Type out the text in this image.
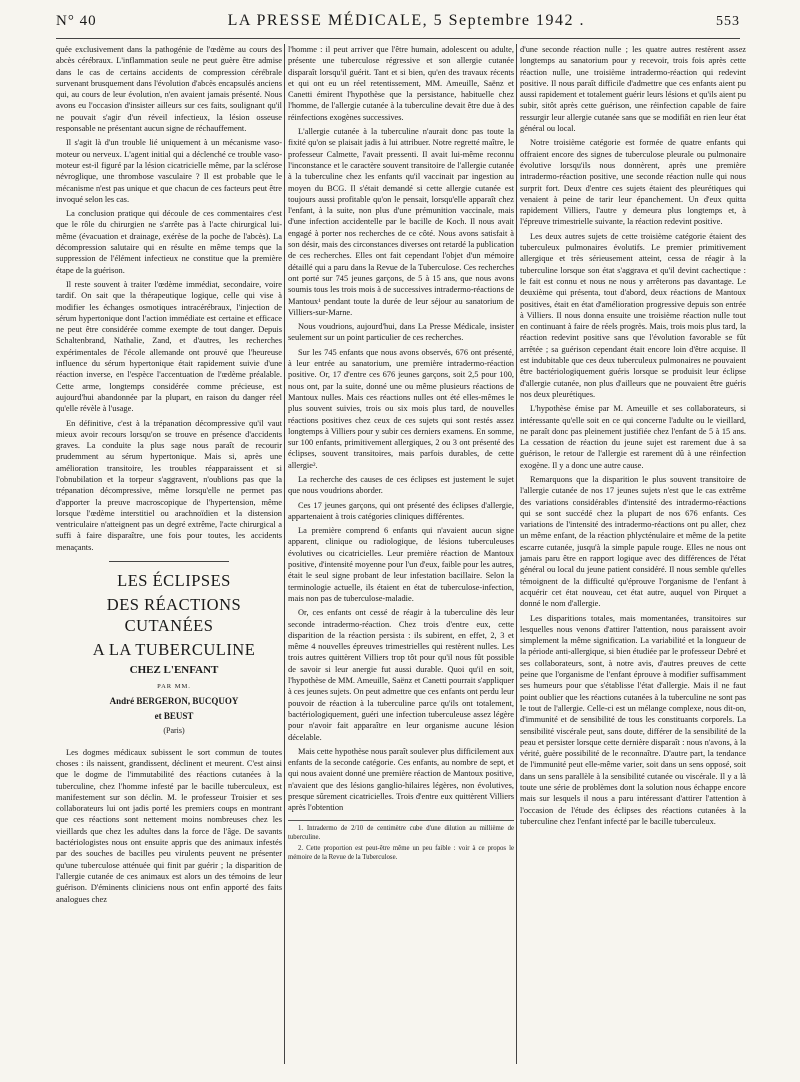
N° 40	LA PRESSE MÉDICALE, 5 Septembre 1942 .	553

quée exclusivement dans la pathogénie de l'œdème au cours des abcès cérébraux. L'inflammation seule ne peut guère être admise dans le cas de certains accidents de compression cérébrale survenant brusquement dans l'évolution d'abcès encapsulés anciens qui, au cours de leur évolution, n'en avaient jamais présenté. Nous avons eu l'occasion d'insister ailleurs sur ces faits, soulignant qu'il ne pouvait s'agir d'un réveil infectieux, la lésion osseuse responsable ne présentant aucun signe de réchauffement.

Il s'agit là d'un trouble lié uniquement à un mécanisme vaso-moteur ou nerveux. L'agent initial qui a déclenché ce trouble vaso-moteur est-il figuré par la lésion cicatricielle même, par la sclérose névroglique, une thrombose vasculaire ? Il est probable que le mécanisme n'est pas unique et que chacun de ces facteurs peut être invoqué selon les cas.

La conclusion pratique qui découle de ces commentaires c'est que le rôle du chirurgien ne s'arrête pas à l'acte chirurgical lui-même (évacuation et drainage, exérèse de la poche de l'abcès). La décompression salutaire qui en résulte en même temps que la suppression de l'élément infectieux ne constitue que la première étape de la guérison.

Il reste souvent à traiter l'œdème immédiat, secondaire, voire tardif. On sait que la thérapeutique logique, celle qui vise à modifier les échanges osmotiques intracérébraux, l'injection de sérum hypertonique dont l'action immédiate est certaine et efficace ne peut être considérée comme exempte de tout danger. Depuis Schaltenbrand, Nathalie, Zand, et d'autres, les recherches expérimentales de l'école allemande ont prouvé que l'heureuse influence du sérum hypertonique était rapidement suivie d'une réaction inverse, en l'espèce l'accentuation de l'œdème préalable. Cette arme, longtemps considérée comme précieuse, est aujourd'hui abandonnée par la plupart, en raison du danger réel qu'elle révèle à l'usage.

En définitive, c'est à la trépanation décompressive qu'il vaut mieux avoir recours lorsqu'on se trouve en présence d'accidents graves. La conduite la plus sage nous paraît de recourir prudemment au sérum hypertonique. Mais si, après une amélioration transitoire, les troubles réapparaissent et si l'obnubilation et la torpeur s'aggravent, n'oublions pas que la trépanation décompressive, même lorsqu'elle ne permet pas d'apporter la preuve macroscopique de l'hypertension, même lorsque l'œdème interstitiel ou arachnoïdien et la distension ventriculaire n'atteignent pas un degré extrême, l'acte chirurgical a suffi à faire disparaître, une fois pour toutes, les accidents menaçants.

LES ÉCLIPSES

DES RÉACTIONS CUTANÉES

A LA TUBERCULINE

CHEZ L'ENFANT

PAR MM.

André BERGERON, BUCQUOY

et BEUST

(Paris)

Les dogmes médicaux subissent le sort commun de toutes choses : ils naissent, grandissent, déclinent et meurent. C'est ainsi que le dogme de l'immutabilité des réactions cutanées à la tuberculine, chez l'homme infesté par le bacille tuberculeux, est manifestement sur son déclin. M. le professeur Troisier et ses collaborateurs lui ont jadis porté les premiers coups en montrant que ces réactions sont nettement moins nombreuses chez les vieillards que chez les adultes dans la force de l'âge. De savants bactériologistes nous ont ensuite appris que des animaux infestés par des souches de bacilles peu virulents peuvent ne présenter qu'une tuberculose atténuée qui finit par guérir ; la disparition de l'allergie cutanée de ces animaux est alors un des témoins de leur guérison. D'éminents cliniciens nous ont enfin apporté des faits analogues chez

l'homme : il peut arriver que l'être humain, adolescent ou adulte, présente une tuberculose régressive et son allergie cutanée disparaît lorsqu'il guérit. Tant et si bien, qu'en des travaux récents et qui ont eu un réel retentissement, MM. Ameuille, Saënz et Canetti émirent l'hypothèse que la persistance, habituelle chez l'homme, de l'allergie cutanée à la tuberculine devait être due à des réinfections exogènes successives.

L'allergie cutanée à la tuberculine n'aurait donc pas toute la fixité qu'on se plaisait jadis à lui attribuer. Notre regretté maître, le professeur Calmette, l'avait pressenti. Il avait lui-même reconnu l'inconstance et le caractère souvent transitoire de l'allergie cutanée à la tuberculine chez les enfants qu'il vaccinait par ingestion au moyen du BCG. Il s'était demandé si cette allergie cutanée est toujours aussi profitable qu'on le pensait, lorsqu'elle apparaît chez l'enfant, à la suite, non plus d'une prémunition vaccinale, mais d'une infection accidentelle par le bacille de Koch. Il nous avait engagé à porter nos recherches de ce côté. Nous avons satisfait à son désir, mais des circonstances diverses ont retardé la publication de ces recherches. Elles ont fait cependant l'objet d'un mémoire détaillé qui a paru dans la Revue de la Tuberculose. Ces recherches ont porté sur 745 jeunes garçons, de 5 à 15 ans, que nous avons soumis tous les trois mois à de successives intradermo-réactions de Mantoux¹ pendant toute la durée de leur séjour au sanatorium de Villiers-sur-Marne.

Nous voudrions, aujourd'hui, dans La Presse Médicale, insister seulement sur un point particulier de ces recherches.

Sur les 745 enfants que nous avons observés, 676 ont présenté, à leur entrée au sanatorium, une première intradermo-réaction positive. Or, 17 d'entre ces 676 jeunes garçons, soit 2,5 pour 100, nous ont, par la suite, donné une ou même plusieurs réactions de Mantoux nulles. Mais ces réactions nulles ont été elles-mêmes le plus souvent suivies, trois ou six mois plus tard, de nouvelles réactions positives chez ceux de ces sujets qui sont restés assez longtemps à Villiers pour y subir ces derniers examens. En somme, sur 100 enfants, primitivement allergiques, 2 ou 3 ont présenté des éclipses, souvent transitoires, mais parfois durables, de cette allergie².

La recherche des causes de ces éclipses est justement le sujet que nous voudrions aborder.

Ces 17 jeunes garçons, qui ont présenté des éclipses d'allergie, appartenaient à trois catégories cliniques différentes.

La première comprend 6 enfants qui n'avaient aucun signe apparent, clinique ou radiologique, de lésions tuberculeuses évolutives ou cicatricielles. Leur première réaction de Mantoux positive, d'intensité moyenne pour l'un d'eux, faible pour les autres, était le seul signe probant de leur infestation bacillaire. Selon la terminologie actuelle, ils étaient en état de tuberculose-infection, mais non pas de tuberculose-maladie.

Or, ces enfants ont cessé de réagir à la tuberculine dès leur seconde intradermo-réaction. Chez trois d'entre eux, cette disparition de la réaction persista : ils subirent, en effet, 2, 3 et même 4 nouvelles épreuves trimestrielles qui restèrent nulles. Les trois autres quittèrent Villiers trop tôt pour qu'il nous fût possible de savoir si leur anergie fut aussi durable. Quoi qu'il en soit, l'hypothèse de MM. Ameuille, Saënz et Canetti pourrait s'appliquer à ces jeunes sujets. On peut admettre que ces enfants ont perdu leur pouvoir de réaction à la tuberculine parce qu'ils ont totalement, bactériologiquement, guéri une infection tuberculeuse assez légère pour n'avoir fait apparaître en leur organisme aucune lésion décelable.

Mais cette hypothèse nous paraît soulever plus difficilement aux enfants de la seconde catégorie. Ces enfants, au nombre de sept, et qui nous avaient donné une première réaction de Mantoux positive, n'avaient que des lésions ganglio-hilaires légères, non évolutives, presque sûrement cicatricielles. Trois d'entre eux quittèrent Villiers après l'obtention

1. Intradermo de 2/10 de centimètre cube d'une dilution au millième de tuberculine.

2. Cette proportion est peut-être même un peu faible : voir à ce propos le mémoire de la Revue de la Tuberculose.

d'une seconde réaction nulle ; les quatre autres restèrent assez longtemps au sanatorium pour y recevoir, trois fois après cette réaction nulle, une troisième intradermo-réaction qui redevint positive. Il nous paraît difficile d'admettre que ces enfants aient pu aussi rapidement et totalement guérir leurs lésions et qu'ils aient pu subir, sitôt après cette guérison, une réinfection capable de faire ressurgir leur allergie cutanée sans que se modifiât en rien leur état général ou local.

Notre troisième catégorie est formée de quatre enfants qui offraient encore des signes de tuberculose pleurale ou pulmonaire évolutive lorsqu'ils nous donnèrent, après une première intradermo-réaction positive, une seconde réaction nulle qui nous surprit fort. Deux d'entre ces sujets étaient des pleurétiques qui venaient à peine de tarir leur épanchement. Un d'eux quitta rapidement Villiers, l'autre y demeura plus longtemps et, à l'épreuve trimestrielle suivante, la réaction redevint positive.

Les deux autres sujets de cette troisième catégorie étaient des tuberculeux pulmonaires évolutifs. Le premier primitivement allergique et très sérieusement atteint, cessa de réagir à la tuberculine lorsque son état s'aggrava et qu'il devint cachectique : le fait est connu et nous ne nous y arrêterons pas davantage. Le deuxième qui présenta, tout d'abord, deux réactions de Mantoux positives, était en état d'amélioration progressive depuis son entrée à Villiers. Il nous donna ensuite une troisième réaction nulle tout en continuant à faire de réels progrès. Mais, trois mois plus tard, la réaction redevint positive sans que l'évolution favorable se fût arrêtée ; sa guérison cependant était encore loin d'être acquise. Il est indubitable que ces deux tuberculeux pulmonaires ne pouvaient être bactériologiquement guéris lorsque se produisit leur éclipse d'allergie cutanée, non plus d'ailleurs que ne pouvaient être guéris nos deux pleurétiques.

L'hypothèse émise par M. Ameuille et ses collaborateurs, si intéressante qu'elle soit en ce qui concerne l'adulte ou le vieillard, ne paraît donc pas pleinement justifiée chez l'enfant de 5 à 15 ans. La cessation de réaction du jeune sujet est rarement due à sa guérison, le retour de l'allergie est rarement dû à une réinfection exogène. Il y a donc une autre cause.

Remarquons que la disparition le plus souvent transitoire de l'allergie cutanée de nos 17 jeunes sujets n'est que le cas extrême des variations considérables d'intensité des intradermo-réactions qui se sont succédé chez la plupart de nos 676 enfants. Ces variations de l'intensité des intradermo-réactions ont pu aller, chez un même enfant, de la réaction phlycténulaire et même de la petite escarre cutanée, jusqu'à la simple papule rouge. Elles ne nous ont jamais paru être en rapport logique avec des différences de l'état général ou local du jeune patient considéré. Il nous semble qu'elles témoignent de la difficulté qu'éprouve l'organisme de l'enfant à acquérir cet état nouveau, cet état autre, auquel von Pirquet a donné le nom d'allergie.

Les disparitions totales, mais momentanées, transitoires sur lesquelles nous venons d'attirer l'attention, nous paraissent avoir simplement la même signification. La variabilité et la longueur de la période anti-allergique, si bien étudiée par le professeur Debré et ses collaborateurs, sont, à notre avis, d'autres preuves de cette peine que l'organisme de l'enfant éprouve à modifier suffisamment ses humeurs pour que s'établisse l'état d'allergie. Mais il ne faut point oublier que les réactions cutanées à la tuberculine ne sont pas le tout de l'allergie. Celle-ci est un mélange complexe, nous dit-on, d'immunité et de sensibilité de tous les constituants corporels. La sensibilité viscérale peut, sans doute, différer de la sensibilité de la peau et persister lorsque cette dernière disparaît : nous n'avons, à la vérité, guère possibilité de le reconnaître. D'autre part, la tendance de l'immunité peut elle-même varier, soit dans un sens opposé, soit dans un sens parallèle à la sensibilité cutanée ou viscérale. Il y a là toute une série de problèmes dont la solution nous échappe encore mais sur lesquels il nous a paru intéressant d'attirer l'attention à l'occasion de l'étude des éclipses des réactions cutanées à la tuberculine chez l'enfant infecté par le bacille tuberculeux.
